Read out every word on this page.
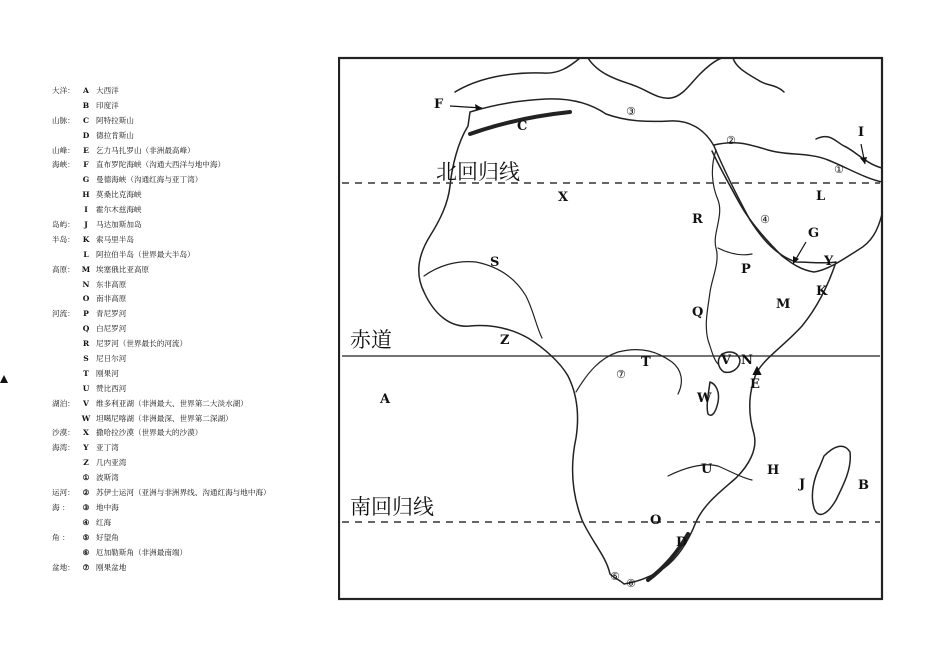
大洋：	A 大西洋
B 印度洋
山脉：	C 阿特拉斯山
D 德拉肯斯山
山峰：	E 乞力马扎罗山（非洲最高峰）
海峡：	F 直布罗陀海峡（沟通大西洋与地中海）
G 曼德海峡（沟通红海与亚丁湾）
H 莫桑比克海峡
I	霍尔木兹海峡
岛屿：	J	马达加斯加岛
半岛：	K 索马里半岛
L 阿拉伯半岛（世界最大半岛）
高原： M 埃塞俄比亚高原
N 东非高原
O 南非高原
河流：	P 青尼罗河
Q 白尼罗河
R 尼罗河（世界最长的河流）
S 尼日尔河
T 刚果河
U 赞比西河
湖泊：	V 维多利亚湖（非洲最大、世界第二大淡水湖）
W 坦噶尼喀湖（非洲最深、世界第二深湖）
沙漠：	X 撒哈拉沙漠（世界最大的沙漠）
海湾：	Y 亚丁湾
Z 几内亚湾
① 波斯湾
运河：	② 苏伊士运河（亚洲与非洲界线、沟通红海与地中海）
海 ：	③ 地中海
④ 红海
角 ：	⑤ 好望角
⑥ 厄加勒斯角（非洲最南端）
盆地：	⑦ 刚果盆地
北回归线
赤道
南回归线
A
B
C
D
E
F
G
H
I
J
K
L
M
N
O
P
Q
R
S
T
U
V
W
X
Y
Z
①
②
③
④
⑤
⑥
⑦
